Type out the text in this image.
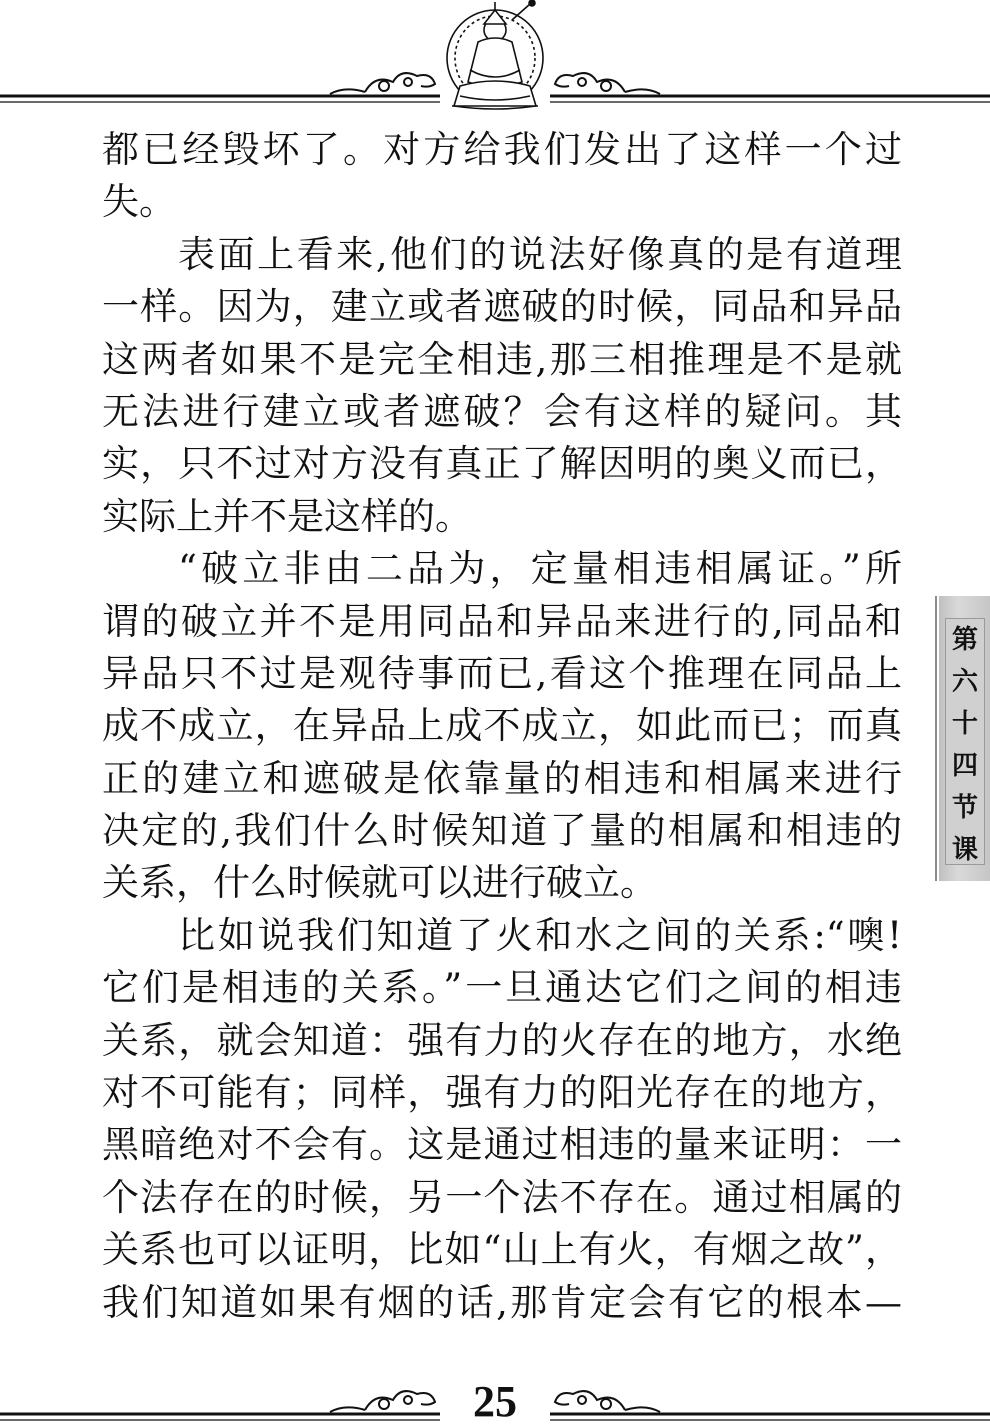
都已经毁坏了。对方给我们发出了这样一个过
失。
表面上看来,他们的说法好像真的是有道理
一样。因为，建立或者遮破的时候，同品和异品
这两者如果不是完全相违,那三相推理是不是就
无法进行建立或者遮破？会有这样的疑问。其
实，只不过对方没有真正了解因明的奥义而已，
实际上并不是这样的。
“破立非由二品为，定量相违相属证。”所
谓的破立并不是用同品和异品来进行的,同品和
异品只不过是观待事而已,看这个推理在同品上
成不成立，在异品上成不成立，如此而已；而真
正的建立和遮破是依靠量的相违和相属来进行
决定的,我们什么时候知道了量的相属和相违的
关系，什么时候就可以进行破立。
比如说我们知道了火和水之间的关系:“噢!
它们是相违的关系。”一旦通达它们之间的相违
关系，就会知道：强有力的火存在的地方，水绝
对不可能有；同样，强有力的阳光存在的地方，
黑暗绝对不会有。这是通过相违的量来证明：一
个法存在的时候，另一个法不存在。通过相属的
关系也可以证明，比如“山上有火，有烟之故”，
我们知道如果有烟的话,那肯定会有它的根本—
第
六
十
四
节
课
25
